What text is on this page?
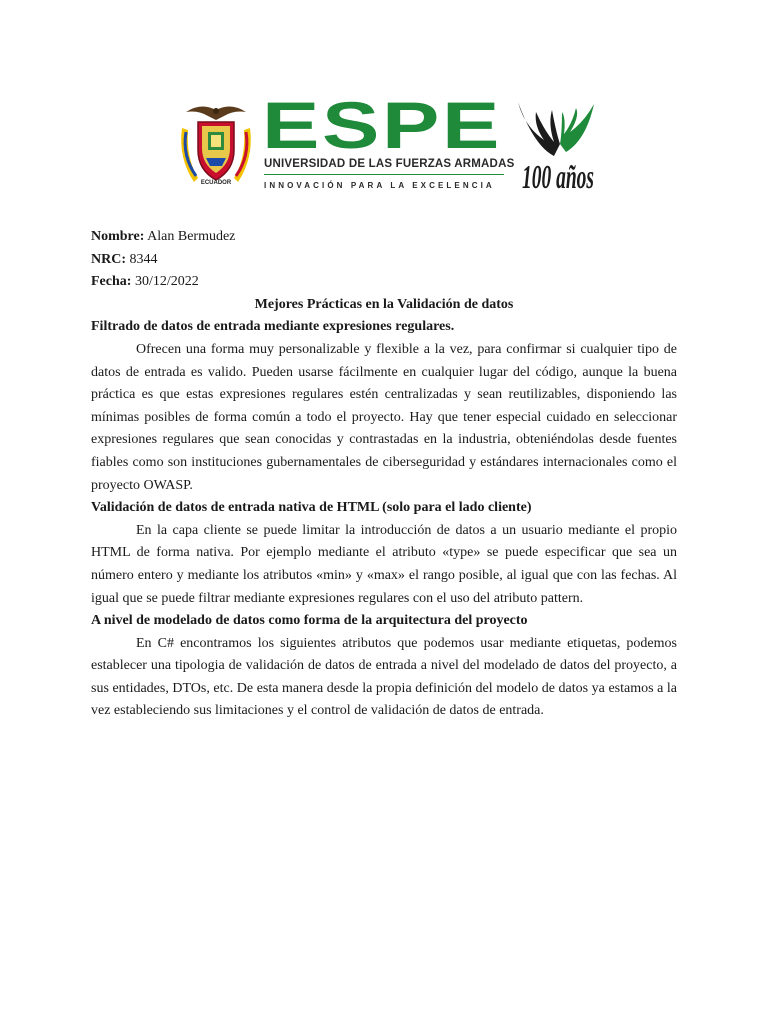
ECUADOR
ESPE
UNIVERSIDAD DE LAS FUERZAS ARMADAS
INNOVACIÓN PARA LA EXCELENCIA 100 años

Nombre: Alan Bermudez

NRC: 8344

Fecha: 30/12/2022

Mejores Prácticas en la Validación de datos

Filtrado de datos de entrada mediante expresiones regulares.

Ofrecen una forma muy personalizable y flexible a la vez, para confirmar si cualquier tipo de datos de entrada es valido. Pueden usarse fácilmente en cualquier lugar del código, aunque la buena práctica es que estas expresiones regulares estén centralizadas y sean reutilizables, disponiendo las mínimas posibles de forma común a todo el proyecto. Hay que tener especial cuidado en seleccionar expresiones regulares que sean conocidas y contrastadas en la industria, obteniéndolas desde fuentes fiables como son instituciones gubernamentales de ciberseguridad y estándares internacionales como el proyecto OWASP.

Validación de datos de entrada nativa de HTML (solo para el lado cliente)

En la capa cliente se puede limitar la introducción de datos a un usuario mediante el propio HTML de forma nativa. Por ejemplo mediante el atributo «type» se puede especificar que sea un número entero y mediante los atributos «min» y «max» el rango posible, al igual que con las fechas. Al igual que se puede filtrar mediante expresiones regulares con el uso del atributo pattern.

A nivel de modelado de datos como forma de la arquitectura del proyecto

En C# encontramos los siguientes atributos que podemos usar mediante etiquetas, podemos establecer una tipologia de validación de datos de entrada a nivel del modelado de datos del proyecto, a sus entidades, DTOs, etc. De esta manera desde la propia definición del modelo de datos ya estamos a la vez estableciendo sus limitaciones y el control de validación de datos de entrada.
